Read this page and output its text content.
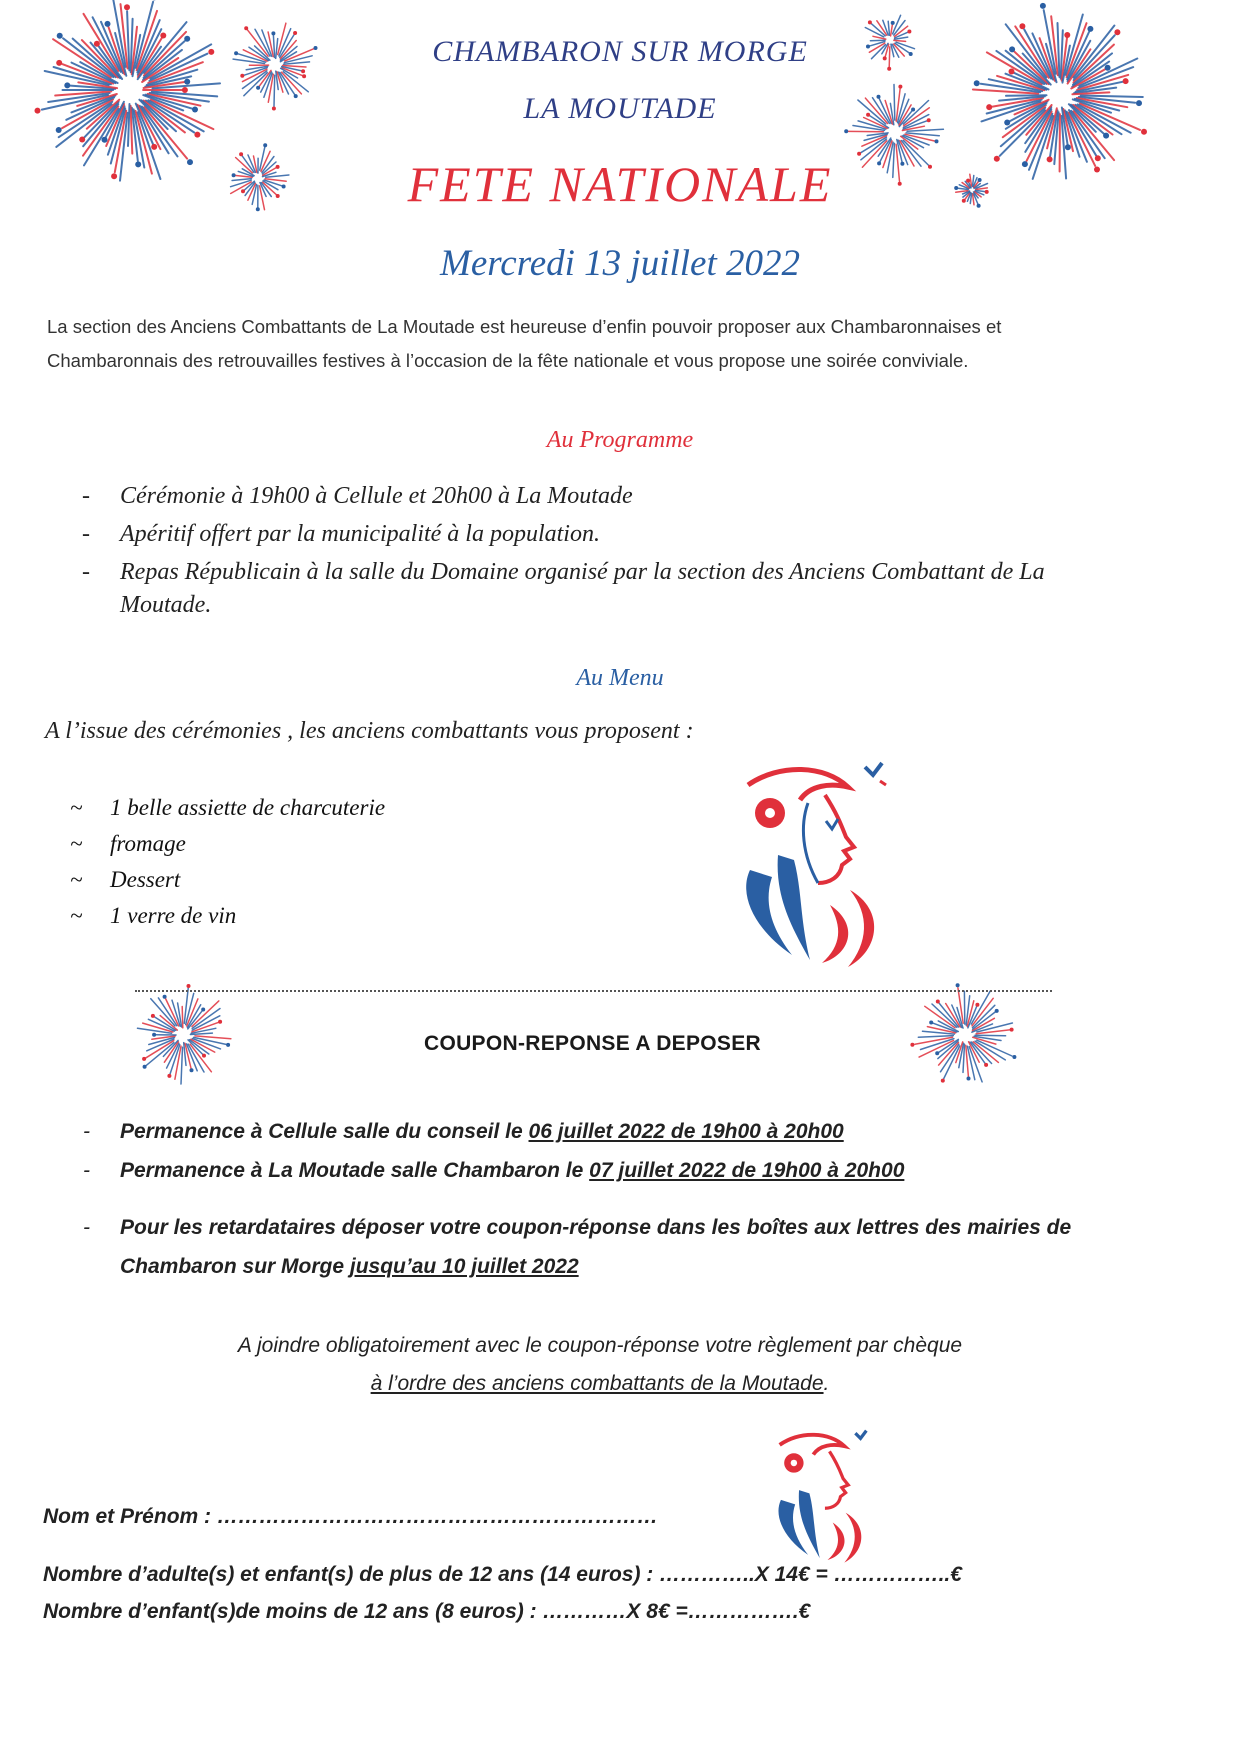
CHAMBARON SUR MORGE
LA MOUTADE
FETE NATIONALE
Mercredi 13 juillet 2022
La section des Anciens Combattants de La Moutade est heureuse d’enfin pouvoir proposer aux Chambaronnaises et Chambaronnais des retrouvailles festives à l’occasion de la fête nationale et vous propose une soirée conviviale.
Au Programme
- Cérémonie à 19h00 à Cellule et 20h00 à La Moutade
- Apéritif offert par la municipalité à la population.
- Repas Républicain à la salle du Domaine organisé par la section des Anciens Combattant de La Moutade.
Au Menu
A l’issue des cérémonies , les anciens combattants vous proposent :
~ 1 belle assiette de charcuterie
~ fromage
~ Dessert
~ 1 verre de vin
COUPON-REPONSE A DEPOSER
- Permanence à Cellule salle du conseil le 06 juillet 2022 de 19h00 à 20h00
- Permanence à La Moutade salle Chambaron le 07 juillet 2022 de 19h00 à 20h00
- Pour les retardataires déposer votre coupon-réponse dans les boîtes aux lettres des mairies de Chambaron sur Morge jusqu’au 10 juillet 2022
A joindre obligatoirement avec le coupon-réponse votre règlement par chèque
à l’ordre des anciens combattants de la Moutade.
Nom et Prénom : ………………………………………………………
Nombre d’adulte(s) et enfant(s) de plus de 12 ans (14 euros) : …………..X 14€ = ……………..€
Nombre d’enfant(s)de moins de 12 ans (8 euros) : …………X 8€ =…………….€
